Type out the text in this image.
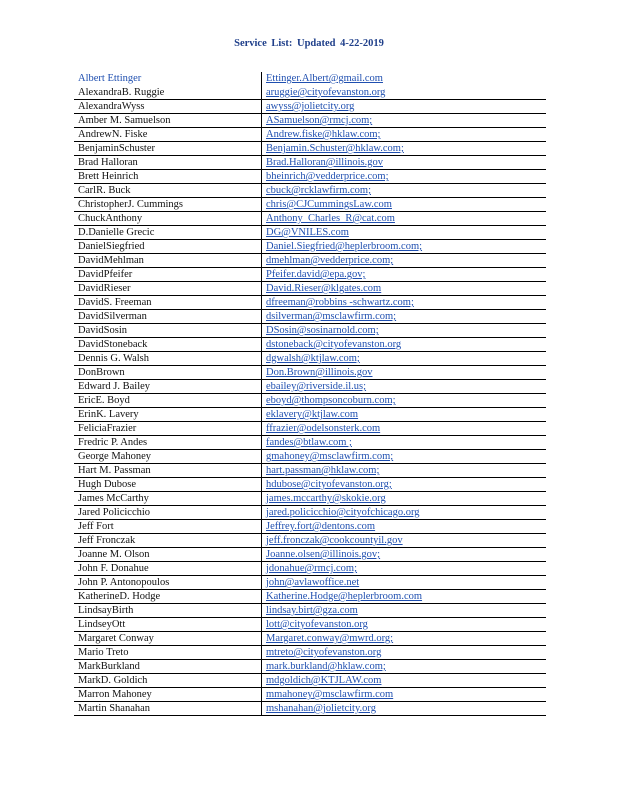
Service List: Updated 4-22-2019
Albert Ettinger	Ettinger.Albert@gmail.com
AlexandraB. Ruggie	aruggie@cityofevanston.org
AlexandraWyss	awyss@jolietcity.org
Amber M. Samuelson	ASamuelson@rmcj.com;
AndrewN. Fiske	Andrew.fiske@hklaw.com;
BenjaminSchuster	Benjamin.Schuster@hklaw.com;
Brad Halloran	Brad.Halloran@illinois.gov
Brett Heinrich	bheinrich@vedderprice.com;
CarlR. Buck	cbuck@rcklawfirm.com;
ChristopherJ. Cummings	chris@CJCummingsLaw.com
ChuckAnthony	Anthony_Charles_R@cat.com
D.Danielle Grecic	DG@VNILES.com
DanielSiegfried	Daniel.Siegfried@heplerbroom.com;
DavidMehlman	dmehlman@vedderprice.com;
DavidPfeifer	Pfeifer.david@epa.gov;
DavidRieser	David.Rieser@klgates.com
DavidS. Freeman	dfreeman@robbins -schwartz.com;
DavidSilverman	dsilverman@msclawfirm.com;
DavidSosin	DSosin@sosinarnold.com;
DavidStoneback	dstoneback@cityofevanston.org
Dennis G. Walsh	dgwalsh@ktjlaw.com;
DonBrown	Don.Brown@illinois.gov
Edward J. Bailey	ebailey@riverside.il.us;
EricE. Boyd	eboyd@thompsoncoburn.com;
ErinK. Lavery	eklavery@ktjlaw.com
FeliciaFrazier	ffrazier@odelsonsterk.com
Fredric P. Andes	fandes@btlaw.com ;
George Mahoney	gmahoney@msclawfirm.com;
Hart M. Passman	hart.passman@hklaw.com;
Hugh Dubose	hdubose@cityofevanston.org;
James McCarthy	james.mccarthy@skokie.org
Jared Policicchio	jared.policicchio@cityofchicago.org
Jeff Fort	Jeffrey.fort@dentons.com
Jeff Fronczak	jeff.fronczak@cookcountyil.gov
Joanne M. Olson	Joanne.olsen@illinois.gov;
John F. Donahue	jdonahue@rmcj.com;
John P. Antonopoulos	john@avlawoffice.net
KatherineD. Hodge	Katherine.Hodge@heplerbroom.com
LindsayBirth	lindsay.birt@gza.com
LindseyOtt	lott@cityofevanston.org
Margaret Conway	Margaret.conway@mwrd.org;
Mario Treto	mtreto@cityofevanston.org
MarkBurkland	mark.burkland@hklaw.com;
MarkD. Goldich	mdgoldich@KTJLAW.com
Marron Mahoney	mmahoney@msclawfirm.com
Martin Shanahan	mshanahan@jolietcity.org
